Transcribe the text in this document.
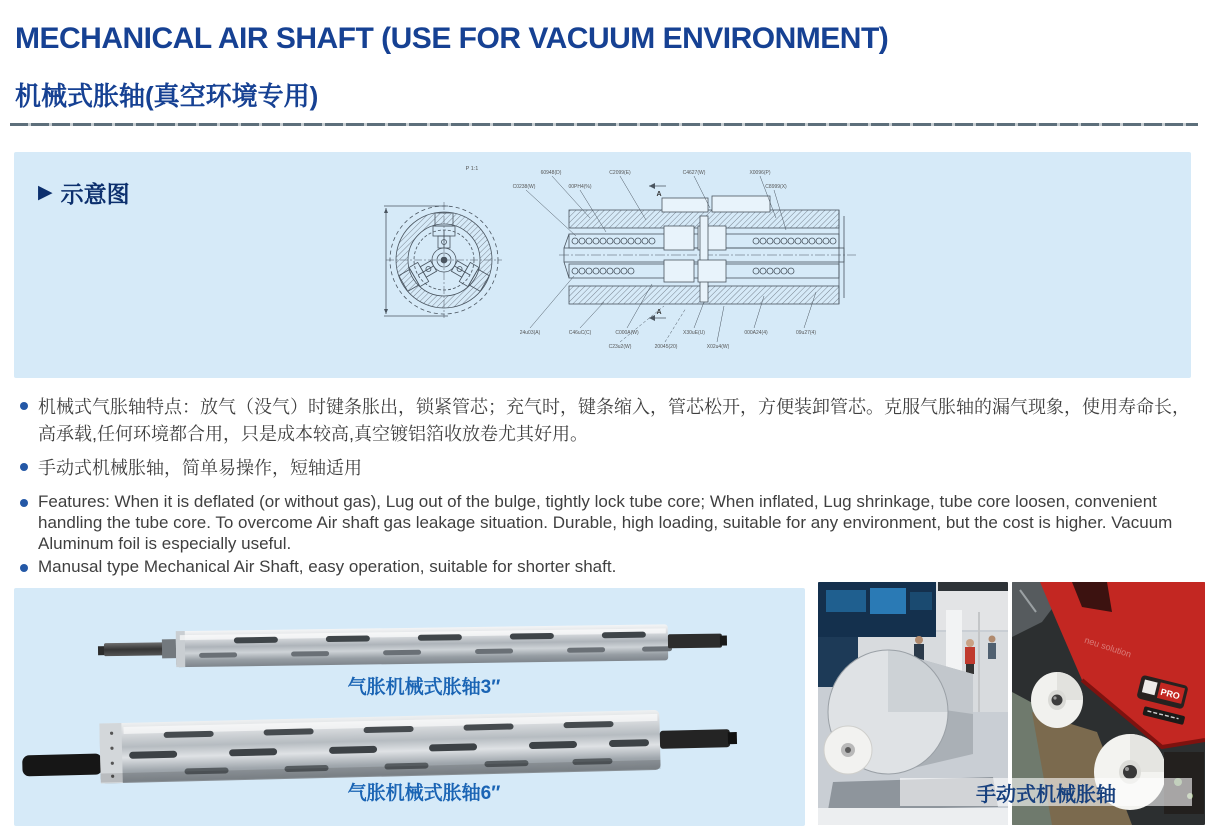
MECHANICAL AIR SHAFT (USE FOR VACUUM ENVIRONMENT)
机械式胀轴(真空环境专用)
▶ 示意图
P 1:1
A
A
C0238(W)
60948(D)
00PH4(%)
C2099(E)	C4627(W)	X0096(P)
C8999(X)
24u03(A)	C46uC(C)	C000A(W)	X30uE(U)	000A24(4)	09u27(4)
C23u2(W)	20045(20)	X02u4(W)
机械式气胀轴特点：放气（没气）时键条胀出，锁紧管芯；充气时，键条缩入，管芯松开，方便装卸管芯。克服气胀轴的漏气现象，使用寿命长，高承载,任何环境都合用，只是成本较高,真空镀铝箔收放卷尤其好用。
手动式机械胀轴，简单易操作，短轴适用
Features: When it is deflated (or without gas), Lug out of the bulge, tightly lock tube core; When inflated, Lug shrinkage, tube core loosen, convenient handling the tube core. To overcome Air shaft gas leakage situation. Durable, high loading, suitable for any environment, but the cost is higher. Vacuum Aluminum foil is especially useful.
Manusal type Mechanical Air Shaft, easy operation, suitable for shorter shaft.
气胀机械式胀轴3″
气胀机械式胀轴6″
neu solution
PRO
手动式机械胀轴
